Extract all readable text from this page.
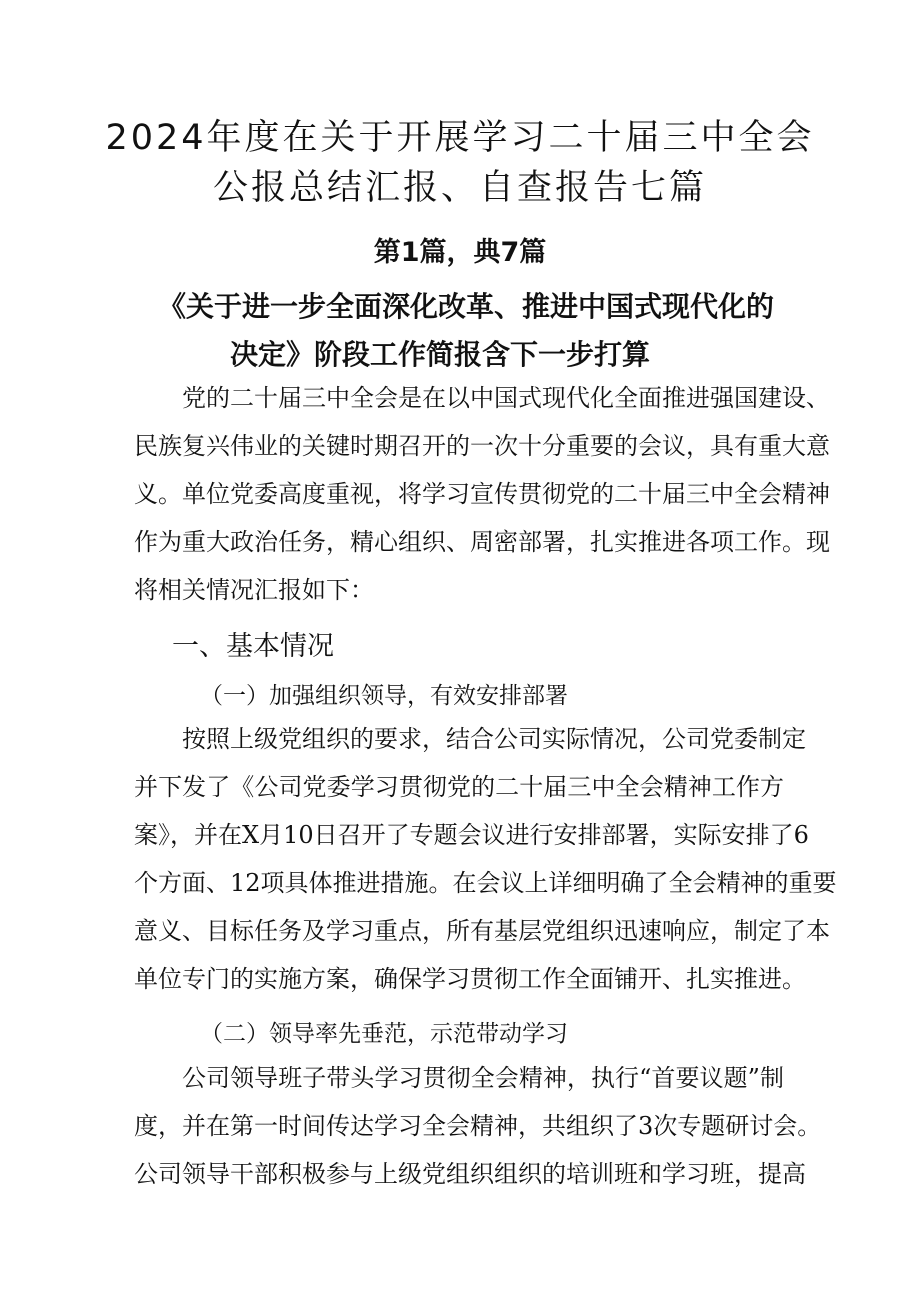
2024年度在关于开展学习二十届三中全会
公报总结汇报、自查报告七篇
第1篇，典7篇
《关于进一步全面深化改革、推进中国式现代化的
决定》阶段工作简报含下一步打算
党的二十届三中全会是在以中国式现代化全面推进强国建设、
民族复兴伟业的关键时期召开的一次十分重要的会议，具有重大意
义。单位党委高度重视，将学习宣传贯彻党的二十届三中全会精神
作为重大政治任务，精心组织、周密部署，扎实推进各项工作。现
将相关情况汇报如下：
一、基本情况
（一）加强组织领导，有效安排部署
按照上级党组织的要求，结合公司实际情况，公司党委制定
并下发了《公司党委学习贯彻党的二十届三中全会精神工作方
案》，并在X月10日召开了专题会议进行安排部署，实际安排了6
个方面、12项具体推进措施。在会议上详细明确了全会精神的重要
意义、目标任务及学习重点，所有基层党组织迅速响应，制定了本
单位专门的实施方案，确保学习贯彻工作全面铺开、扎实推进。
（二）领导率先垂范，示范带动学习
公司领导班子带头学习贯彻全会精神，执行“首要议题”制
度，并在第一时间传达学习全会精神，共组织了3次专题研讨会。
公司领导干部积极参与上级党组织组织的培训班和学习班，提高
